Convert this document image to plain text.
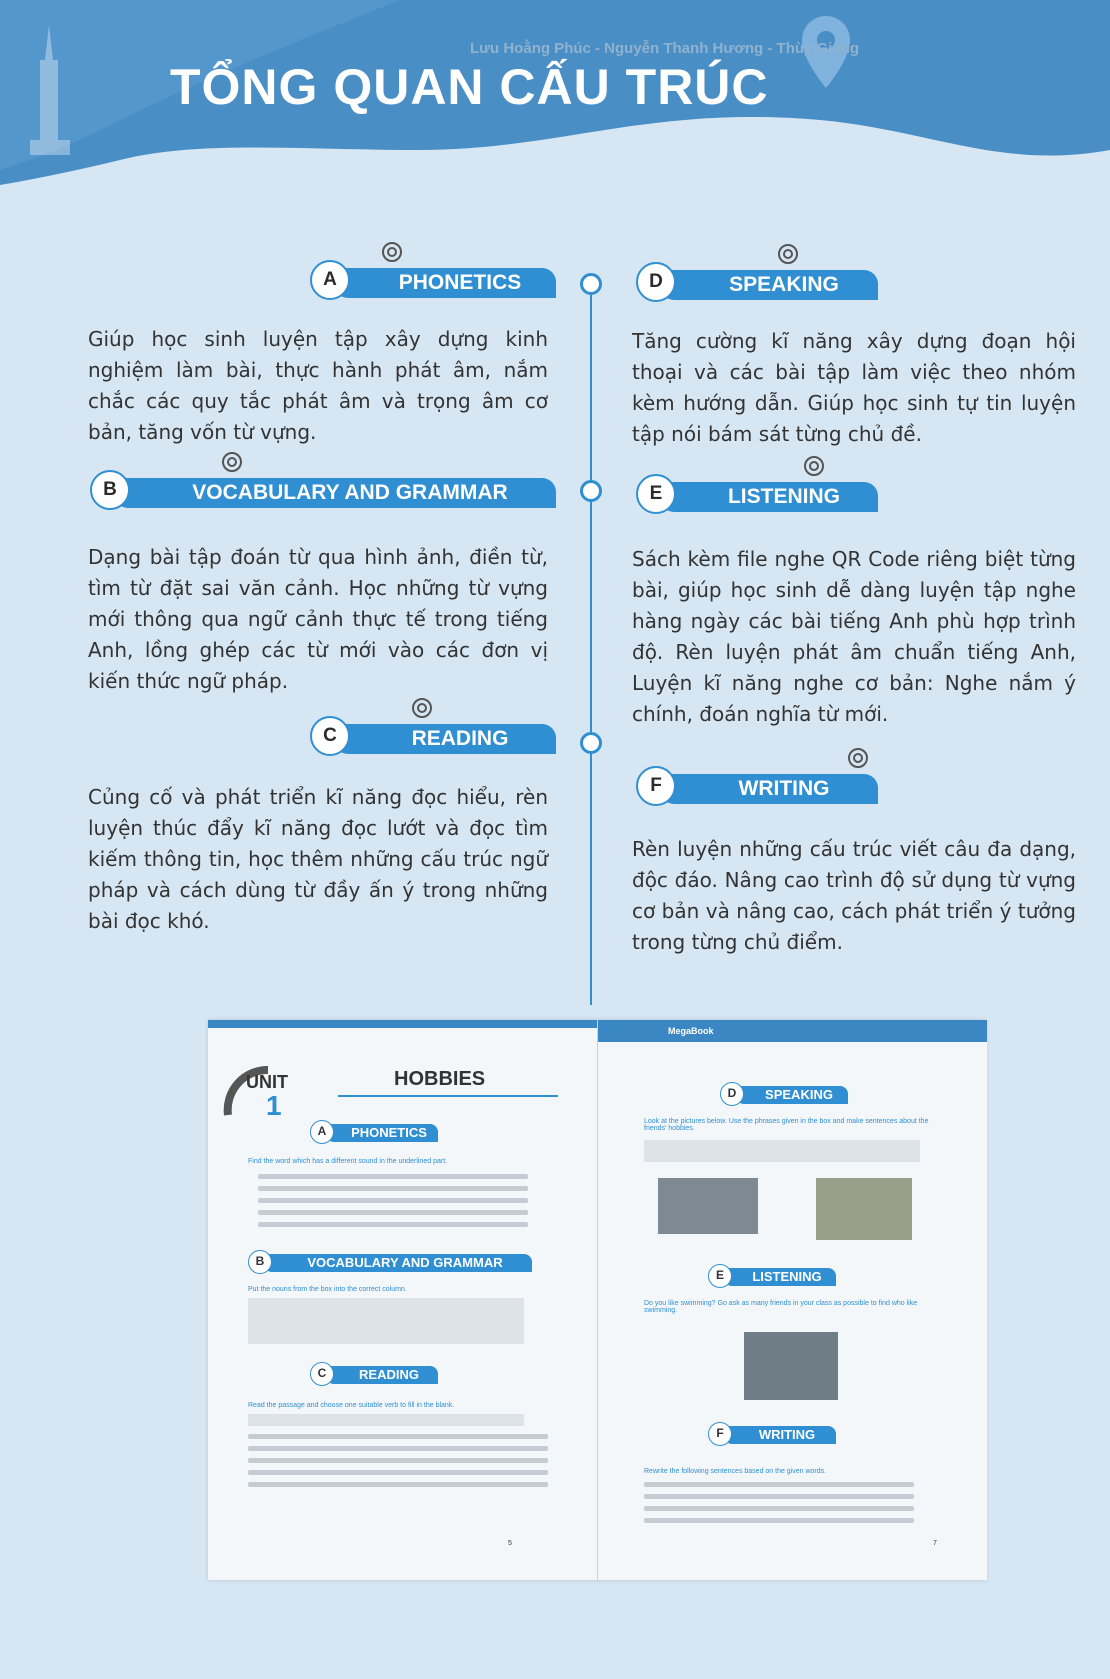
Lưu Hoằng Phúc - Nguyễn Thanh Hương - Thùy Giang
TỔNG QUAN CẤU TRÚC
PHONETICS
A
Giúp học sinh luyện tập xây dựng kinh nghiệm làm bài, thực hành phát âm, nắm chắc các quy tắc phát âm và trọng âm cơ bản, tăng vốn từ vựng.
VOCABULARY AND GRAMMAR
B
Dạng bài tập đoán từ qua hình ảnh, điền từ, tìm từ đặt sai văn cảnh. Học những từ vựng mới thông qua ngữ cảnh thực tế trong tiếng Anh, lồng ghép các từ mới vào các đơn vị kiến thức ngữ pháp.
READING
C
Củng cố và phát triển kĩ năng đọc hiểu, rèn luyện thúc đẩy kĩ năng đọc lướt và đọc tìm kiếm thông tin, học thêm những cấu trúc ngữ pháp và cách dùng từ đầy ấn ý trong những bài đọc khó.
SPEAKING
D
Tăng cường kĩ năng xây dựng đoạn hội thoại và các bài tập làm việc theo nhóm kèm hướng dẫn. Giúp học sinh tự tin luyện tập nói bám sát từng chủ đề.
LISTENING
E
Sách kèm file nghe QR Code riêng biệt từng bài, giúp học sinh dễ dàng luyện tập nghe hàng ngày các bài tiếng Anh phù hợp trình độ. Rèn luyện phát âm chuẩn tiếng Anh, Luyện kĩ năng nghe cơ bản: Nghe nắm ý chính, đoán nghĩa từ mới.
WRITING
F
Rèn luyện những cấu trúc viết câu đa dạng, độc đáo. Nâng cao trình độ sử dụng từ vựng cơ bản và nâng cao, cách phát triển ý tưởng trong từng chủ điểm.
UNIT
1
HOBBIES
PHONETICS
A
Find the word which has a different sound in the underlined part.
VOCABULARY AND GRAMMAR
B
Put the nouns from the box into the correct column.
READING
C
Read the passage and choose one suitable verb to fill in the blank.
5
MegaBook
SPEAKING
D
Look at the pictures below. Use the phrases given in the box and make sentences about the friends' hobbies.
LISTENING
E
Do you like swimming? Go ask as many friends in your class as possible to find who like swimming.
WRITING
F
Rewrite the following sentences based on the given words.
7
